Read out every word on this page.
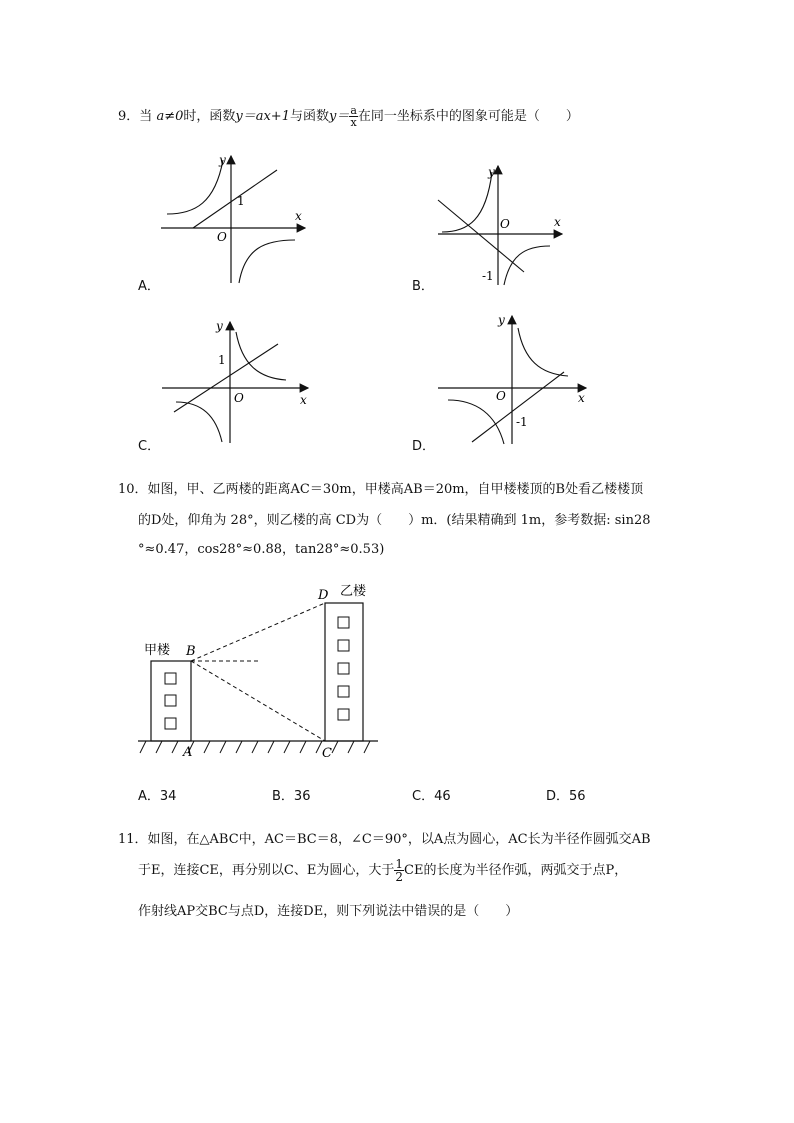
9．当 a≠0时，函数y＝ax+1与函数$y= \frac{a}{x}$ 在同一坐标系中的图象可能是（　　）
y
x
O
1
A．
y
x
O
-1
B．
y
x
O
1
C．
y
x
O
-1
D．
10．如图，甲、乙两楼的距离AC＝30m，甲楼高AB＝20m，自甲楼楼顶的B处看乙楼楼顶
的D处，仰角为 28°，则乙楼的高 CD为（　　）m．(结果精确到 1m，参考数据: sin28
°≈0.47，cos28°≈0.88，tan28°≈0.53)
甲楼
乙楼
B
D
A	C
A．34	B．36	C．46	D．56
11．如图，在△ABC中，AC＝BC＝8，∠C＝90°，以A点为圆心，AC长为半径作圆弧交AB
于E，连接CE，再分别以C、E为圆心，大于 $\frac{1}{2}$ CE的长度为半径作弧，两弧交于点P，
作射线AP交BC与点D，连接DE，则下列说法中错误的是（　　）
